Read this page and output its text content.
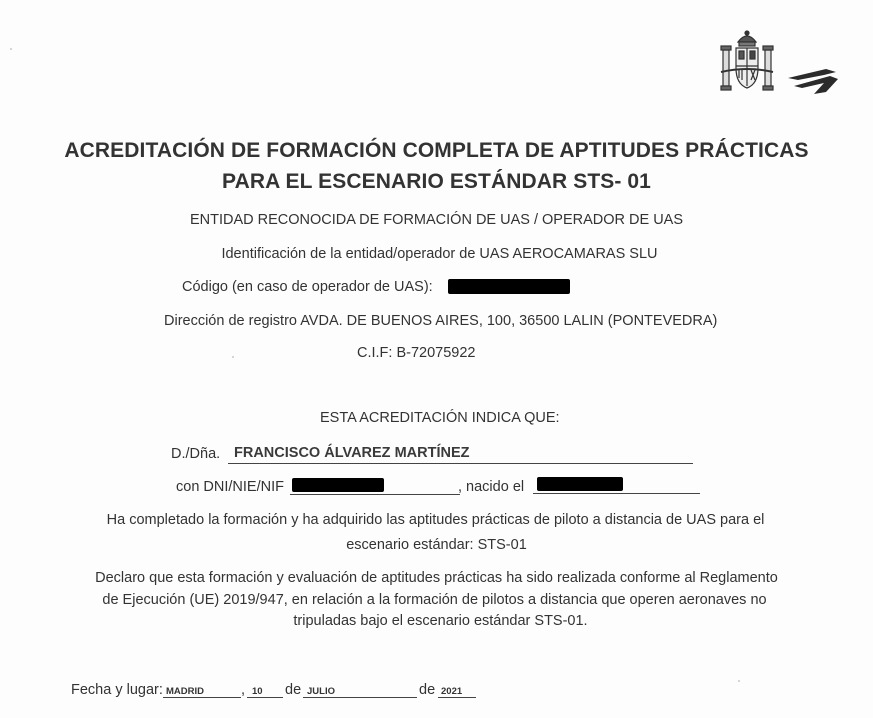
ACREDITACIÓN DE FORMACIÓN COMPLETA DE APTITUDES PRÁCTICAS
PARA EL ESCENARIO ESTÁNDAR STS- 01
ENTIDAD RECONOCIDA DE FORMACIÓN DE UAS / OPERADOR DE UAS
Identificación de la entidad/operador de UAS AEROCAMARAS SLU
Código (en caso de operador de UAS):
Dirección de registro AVDA. DE BUENOS AIRES, 100, 36500 LALIN (PONTEVEDRA)
C.I.F: B-72075922
ESTA ACREDITACIÓN INDICA QUE:
D./Dña. FRANCISCO ÁLVAREZ MARTÍNEZ
con DNI/NIE/NIF	, nacido el
Ha completado la formación y ha adquirido las aptitudes prácticas de piloto a distancia de UAS para el
escenario estándar: STS-01
Declaro que esta formación y evaluación de aptitudes prácticas ha sido realizada conforme al Reglamento
de Ejecución (UE) 2019/947, en relación a la formación de pilotos a distancia que operen aeronaves no
tripuladas bajo el escenario estándar STS-01.
Fecha y lugar: MADRID	, 10 de JULIO	de 2021
